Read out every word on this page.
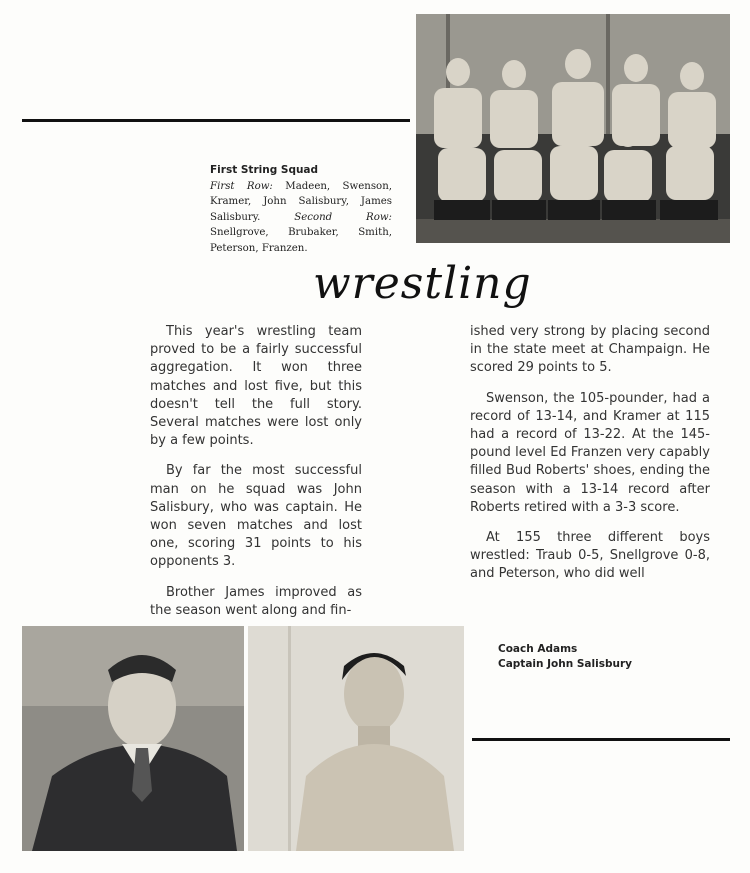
First String Squad
First Row: Madeen, Swenson, Kramer, John Salisbury, James Salisbury.	Second Row: Snellgrove, Brubaker, Smith, Peterson, Franzen.
wrestling

This year's wrestling team proved to be a fairly successful aggregation. It won three matches and lost five, but this doesn't tell the full story. Several matches were lost only by a few points.

By far the most successful man on he squad was John Salisbury, who was captain. He won seven matches and lost one, scoring 31 points to his opponents 3.

Brother James improved as the season went along and fin-

ished very strong by placing second in the state meet at Champaign. He scored 29 points to 5.

Swenson, the 105-pounder, had a record of 13-14, and Kramer at 115 had a record of 13-22. At the 145-pound level Ed Franzen very capably filled Bud Roberts' shoes, ending the season with a 13-14 record after Roberts retired with a 3-3 score.

At 155 three different boys wrestled: Traub 0-5, Snellgrove 0-8, and Peterson, who did well

Coach Adams
Captain John Salisbury
